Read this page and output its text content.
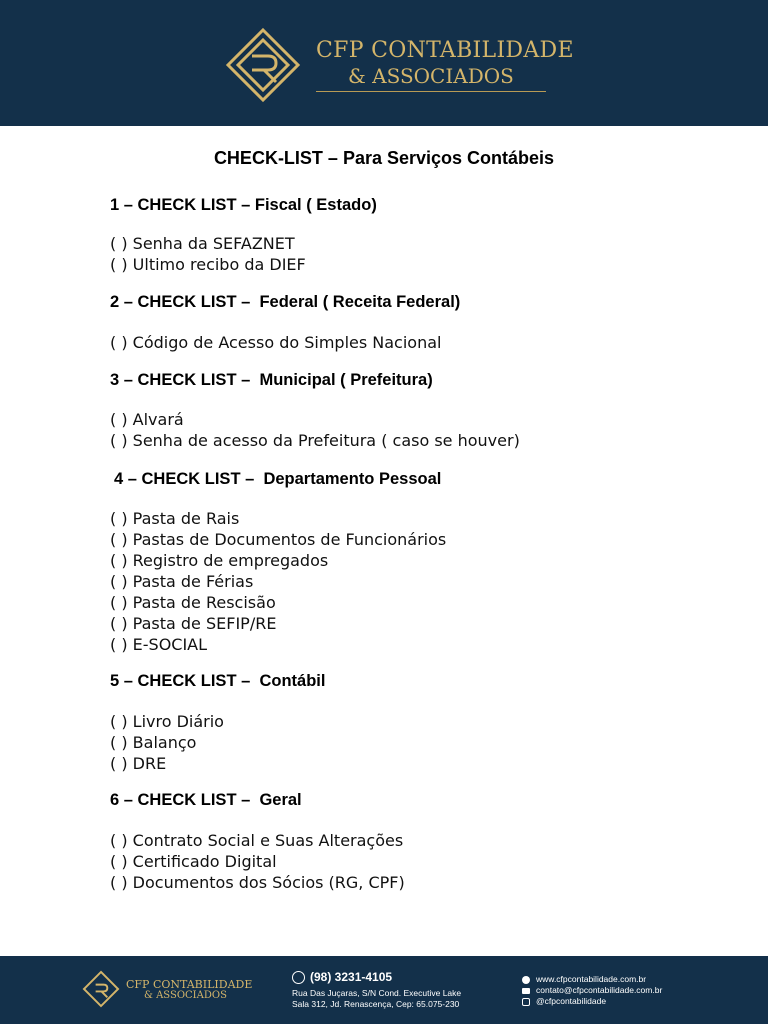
CFP CONTABILIDADE
& ASSOCIADOS
CHECK-LIST – Para Serviços Contábeis
1 – CHECK LIST – Fiscal ( Estado)
( ) Senha da SEFAZNET
( ) Ultimo recibo da DIEF
2 – CHECK LIST –  Federal ( Receita Federal)
( ) Código de Acesso do Simples Nacional
3 – CHECK LIST –  Municipal ( Prefeitura)
( ) Alvará
( ) Senha de acesso da Prefeitura ( caso se houver)
4 – CHECK LIST –  Departamento Pessoal
( ) Pasta de Rais
( ) Pastas de Documentos de Funcionários
( ) Registro de empregados
( ) Pasta de Férias
( ) Pasta de Rescisão
( ) Pasta de SEFIP/RE
( ) E-SOCIAL
5 – CHECK LIST –  Contábil
( ) Livro Diário
( ) Balanço
( ) DRE
6 – CHECK LIST –  Geral
( ) Contrato Social e Suas Alterações
( ) Certificado Digital
( ) Documentos dos Sócios (RG, CPF)
CFP CONTABILIDADE
& ASSOCIADOS
(98) 3231-4105
Rua Das Juçaras, S/N Cond. Executive Lake
Sala 312, Jd. Renascença, Cep: 65.075-230
www.cfpcontabilidade.com.br
contato@cfpcontabilidade.com.br
@cfpcontabilidade
